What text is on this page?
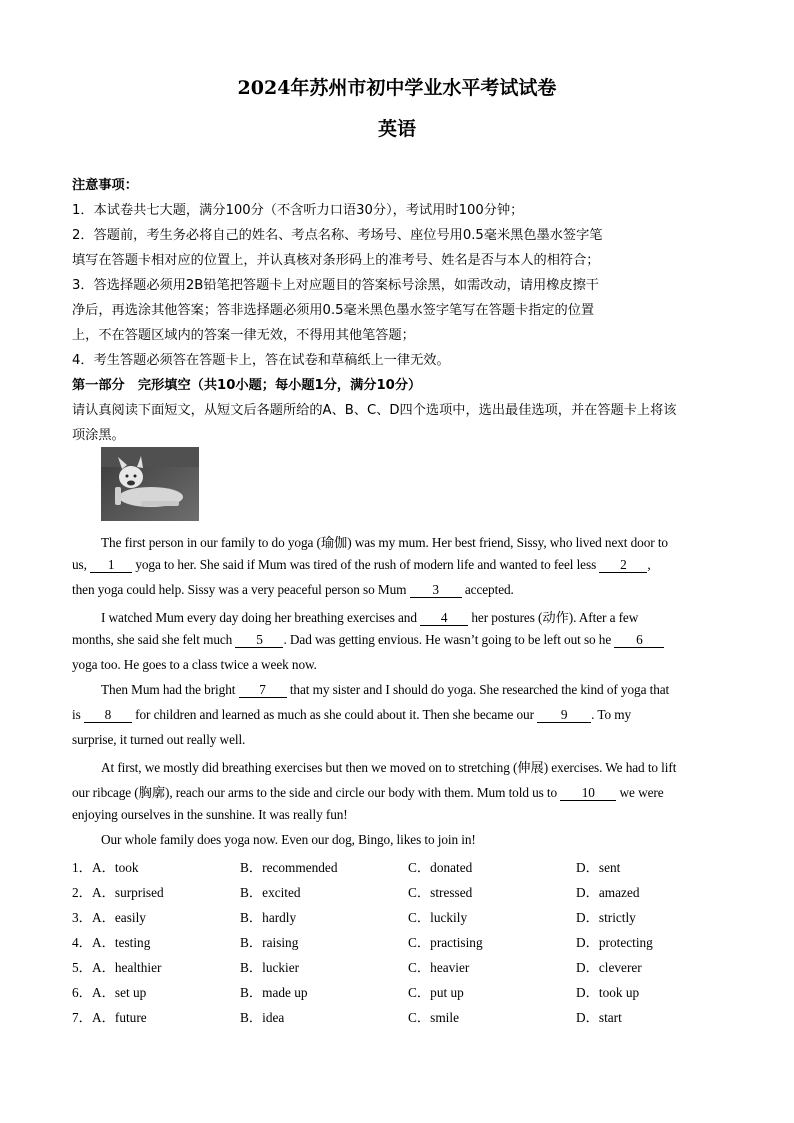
2024年苏州市初中学业水平考试试卷
英语
注意事项：
1．本试卷共七大题，满分100分（不含听力口语30分），考试用时100分钟；
2．答题前，考生务必将自己的姓名、考点名称、考场号、座位号用0.5毫米黑色墨水签字笔
填写在答题卡相对应的位置上，并认真核对条形码上的准考号、姓名是否与本人的相符合；
3．答选择题必须用2B铅笔把答题卡上对应题目的答案标号涂黑，如需改动，请用橡皮擦干
净后，再选涂其他答案；答非选择题必须用0.5毫米黑色墨水签字笔写在答题卡指定的位置
上，不在答题区域内的答案一律无效，不得用其他笔答题；
4．考生答题必须答在答题卡上，答在试卷和草稿纸上一律无效。
第一部分　完形填空（共10小题；每小题1分，满分10分）
请认真阅读下面短文，从短文后各题所给的A、B、C、D四个选项中，选出最佳选项，并在答题卡上将该
项涂黑。
The first person in our family to do yoga (瑜伽) was my mum. Her best friend, Sissy, who lived next door to
us, 1 yoga to her. She said if Mum was tired of the rush of modern life and wanted to feel less 2 ,
then yoga could help. Sissy was a very peaceful person so Mum 3 accepted.
I watched Mum every day doing her breathing exercises and 4 her postures (动作). After a few
months, she said she felt much 5 . Dad was getting envious. He wasn’t going to be left out so he 6
yoga too. He goes to a class twice a week now.
Then Mum had the bright 7 that my sister and I should do yoga. She researched the kind of yoga that
is 8 for children and learned as much as she could about it. Then she became our 9 . To my
surprise, it turned out really well.
At first, we mostly did breathing exercises but then we moved on to stretching (伸展) exercises. We had to lift
our ribcage (胸廓), reach our arms to the side and circle our body with them. Mum told us to 10 we were
enjoying ourselves in the sunshine. It was really fun!
Our whole family does yoga now. Even our dog, Bingo, likes to join in!
1． A．took	B．recommended	C．donated	D．sent
2． A．surprised	B．excited	C．stressed	D．amazed
3． A．easily	B．hardly	C．luckily	D．strictly
4． A．testing	B．raising	C．practising	D．protecting
5． A．healthier	B．luckier	C．heavier	D．cleverer
6． A．set up	B．made up	C．put up	D．took up
7． A．future	B．idea	C．smile	D．start
